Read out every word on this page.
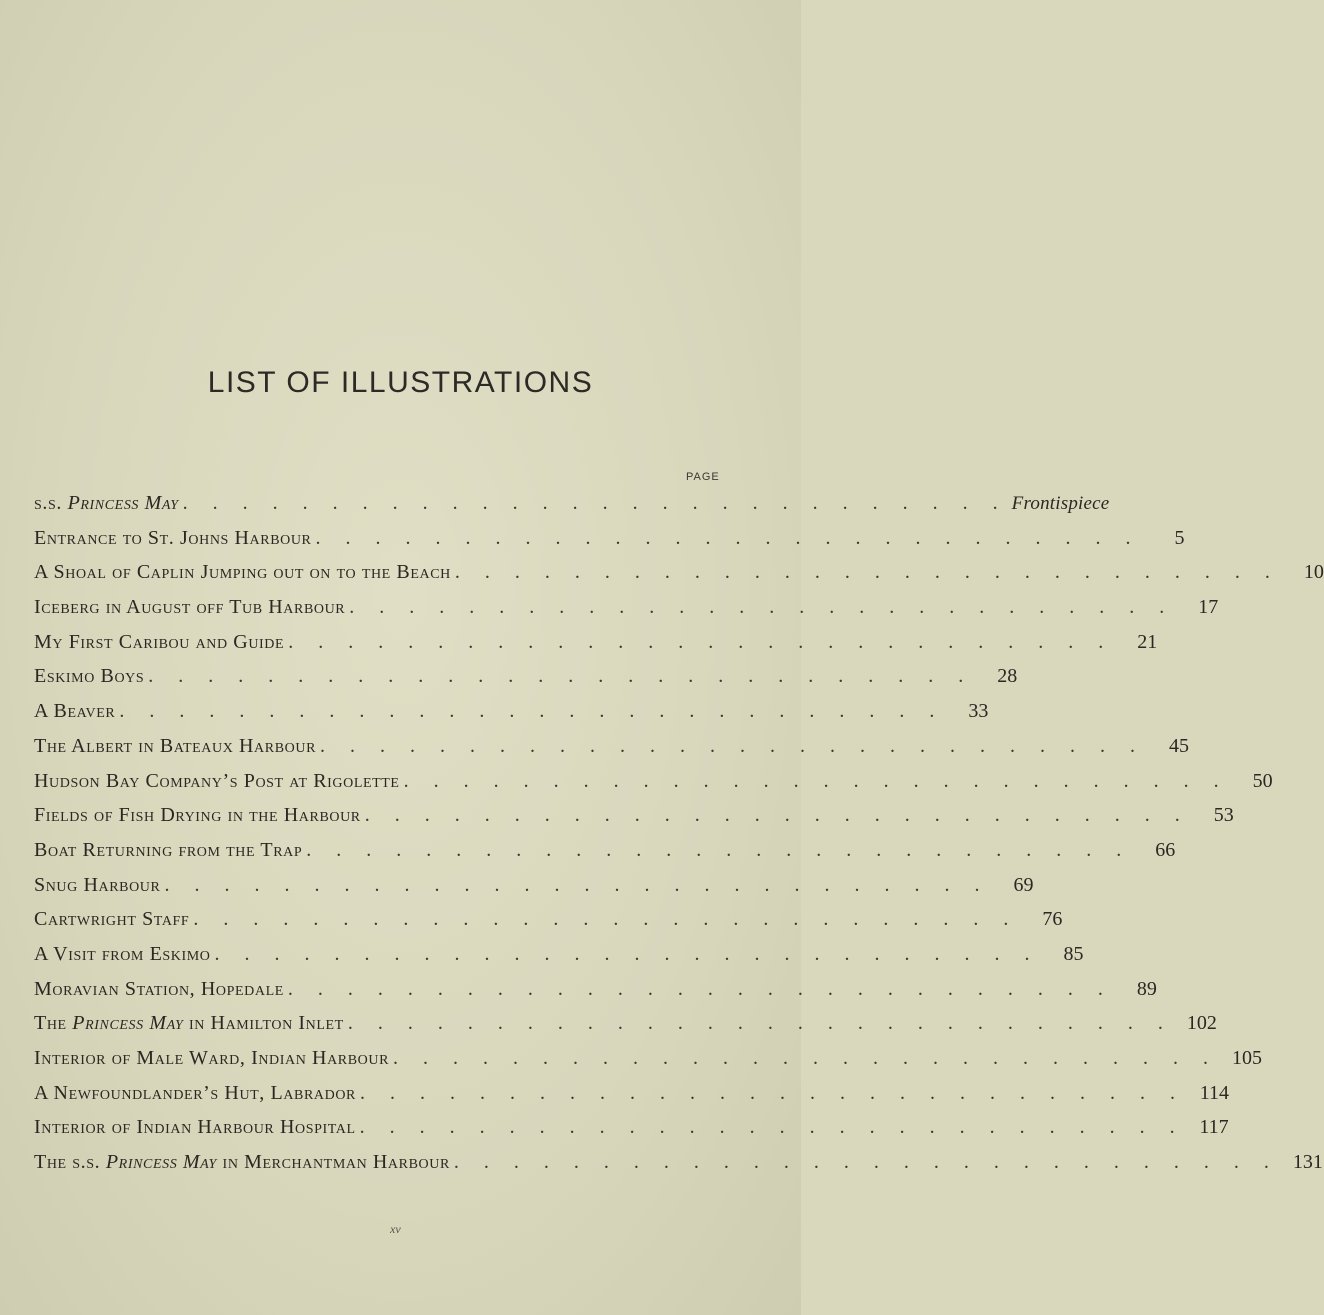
LIST OF ILLUSTRATIONS
PAGE
s.s. Princess May . . . . . . . . . . . . . . . . . . . . . . . . . . . . Frontispiece
Entrance to St. Johns Harbour . . . . . . . . . . . . . . . . . . . . . . . . . . . .	5
A Shoal of Caplin Jumping out on to the Beach . . . . . . . . . . . . . . . . . . . . . . . . . . . .	10
Iceberg in August off Tub Harbour . . . . . . . . . . . . . . . . . . . . . . . . . . . .	17
My First Caribou and Guide . . . . . . . . . . . . . . . . . . . . . . . . . . . .	21
Eskimo Boys . . . . . . . . . . . . . . . . . . . . . . . . . . . .	28
A Beaver . . . . . . . . . . . . . . . . . . . . . . . . . . . .	33
The Albert in Bateaux Harbour . . . . . . . . . . . . . . . . . . . . . . . . . . . .	45
Hudson Bay Company’s Post at Rigolette . . . . . . . . . . . . . . . . . . . . . . . . . . . .	50
Fields of Fish Drying in the Harbour . . . . . . . . . . . . . . . . . . . . . . . . . . . .	53
Boat Returning from the Trap . . . . . . . . . . . . . . . . . . . . . . . . . . . .	66
Snug Harbour . . . . . . . . . . . . . . . . . . . . . . . . . . . .	69
Cartwright Staff . . . . . . . . . . . . . . . . . . . . . . . . . . . .	76
A Visit from Eskimo . . . . . . . . . . . . . . . . . . . . . . . . . . . .	85
Moravian Station, Hopedale . . . . . . . . . . . . . . . . . . . . . . . . . . . .	89
The Princess May in Hamilton Inlet . . . . . . . . . . . . . . . . . . . . . . . . . . . . 102
Interior of Male Ward, Indian Harbour . . . . . . . . . . . . . . . . . . . . . . . . . . . . 105
A Newfoundlander’s Hut, Labrador . . . . . . . . . . . . . . . . . . . . . . . . . . . . 114
Interior of Indian Harbour Hospital . . . . . . . . . . . . . . . . . . . . . . . . . . . . 117
The s.s. Princess May in Merchantman Harbour . . . . . . . . . . . . . . . . . . . . . . . . . . . . 131
xv
